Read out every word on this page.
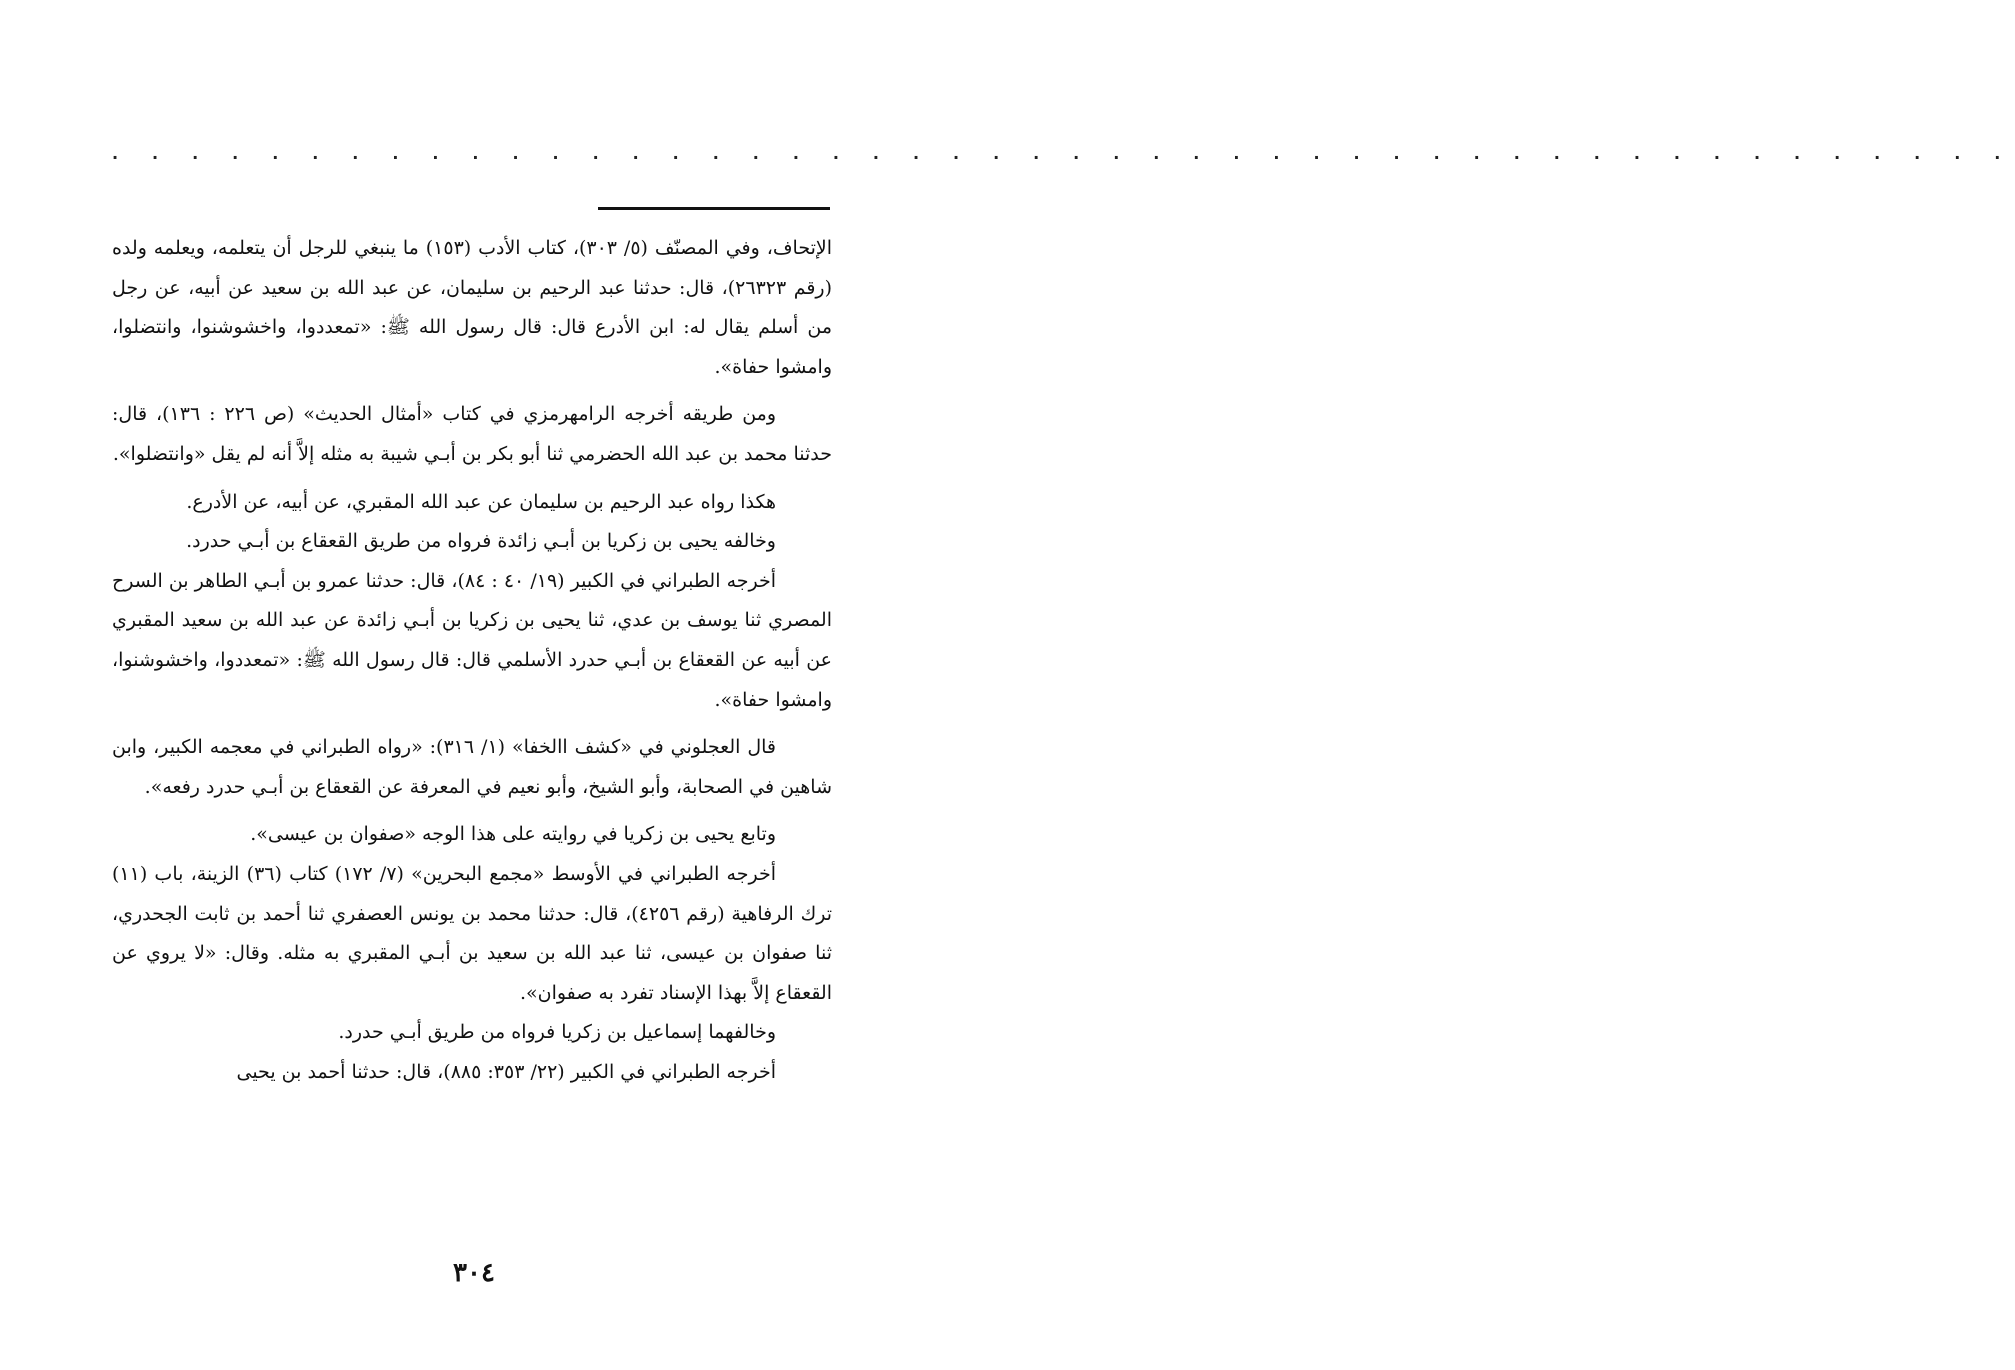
· · · · · · · · · · · · · · · · · · · · · · · · · · · · · · · · · · · · · · · · · · · · · · · ·

الإتحاف، وفي المصنّف (٥/ ٣٠٣)، كتاب الأدب (١٥٣) ما ينبغي للرجل أن يتعلمه، ويعلمه ولده (رقم ٢٦٣٢٣)، قال: حدثنا عبد الرحيم بن سليمان، عن عبد الله بن سعيد عن أبيه، عن رجل من أسلم يقال له: ابن الأدرع قال: قال رسول الله ﷺ: «تمعددوا، واخشوشنوا، وانتضلوا، وامشوا حفاة».

ومن طريقه أخرجه الرامهرمزي في كتاب «أمثال الحديث» (ص ٢٢٦ : ١٣٦)، قال: حدثنا محمد بن عبد الله الحضرمي ثنا أبو بكر بن أبـي شيبة به مثله إلاَّ أنه لم يقل «وانتضلوا».

هكذا رواه عبد الرحيم بن سليمان عن عبد الله المقبري، عن أبيه، عن الأدرع.

وخالفه يحيى بن زكريا بن أبـي زائدة فرواه من طريق القعقاع بن أبـي حدرد.

أخرجه الطبراني في الكبير (١٩/ ٤٠ : ٨٤)، قال: حدثنا عمرو بن أبـي الطاهر بن السرح المصري ثنا يوسف بن عدي، ثنا يحيى بن زكريا بن أبـي زائدة عن عبد الله بن سعيد المقبري عن أبيه عن القعقاع بن أبـي حدرد الأسلمي قال: قال رسول الله ﷺ: «تمعددوا، واخشوشنوا، وامشوا حفاة».

قال العجلوني في «كشف االخفا» (١/ ٣١٦): «رواه الطبراني في معجمه الكبير، وابن شاهين في الصحابة، وأبو الشيخ، وأبو نعيم في المعرفة عن القعقاع بن أبـي حدرد رفعه».

وتابع يحيى بن زكريا في روايته على هذا الوجه «صفوان بن عيسى».

أخرجه الطبراني في الأوسط «مجمع البحرين» (٧/ ١٧٢) كتاب (٣٦) الزينة، باب (١١) ترك الرفاهية (رقم ٤٢٥٦)، قال: حدثنا محمد بن يونس العصفري ثنا أحمد بن ثابت الجحدري، ثنا صفوان بن عيسى، ثنا عبد الله بن سعيد بن أبـي المقبري به مثله. وقال: «لا يروي عن القعقاع إلاَّ بهذا الإسناد تفرد به صفوان».

وخالفهما إسماعيل بن زكريا فرواه من طريق أبـي حدرد.

أخرجه الطبراني في الكبير (٢٢/ ٣٥٣: ٨٨٥)، قال: حدثنا أحمد بن يحيى

٣٠٤
